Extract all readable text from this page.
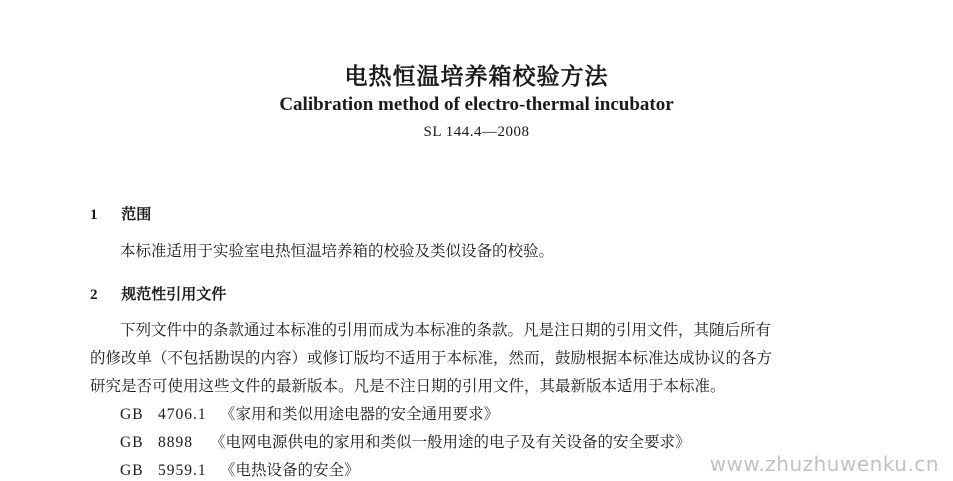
电热恒温培养箱校验方法
Calibration method of electro-thermal incubator
SL 144.4—2008
1 范围
本标准适用于实验室电热恒温培养箱的校验及类似设备的校验。
2 规范性引用文件
下列文件中的条款通过本标准的引用而成为本标准的条款。凡是注日期的引用文件，其随后所有
的修改单（不包括勘误的内容）或修订版均不适用于本标准，然而，鼓励根据本标准达成协议的各方
研究是否可使用这些文件的最新版本。凡是不注日期的引用文件，其最新版本适用于本标准。
GB 4706.1 《家用和类似用途电器的安全通用要求》
GB 8898 《电网电源供电的家用和类似一般用途的电子及有关设备的安全要求》
GB 5959.1 《电热设备的安全》	www.zhuzhuwenku.cn
